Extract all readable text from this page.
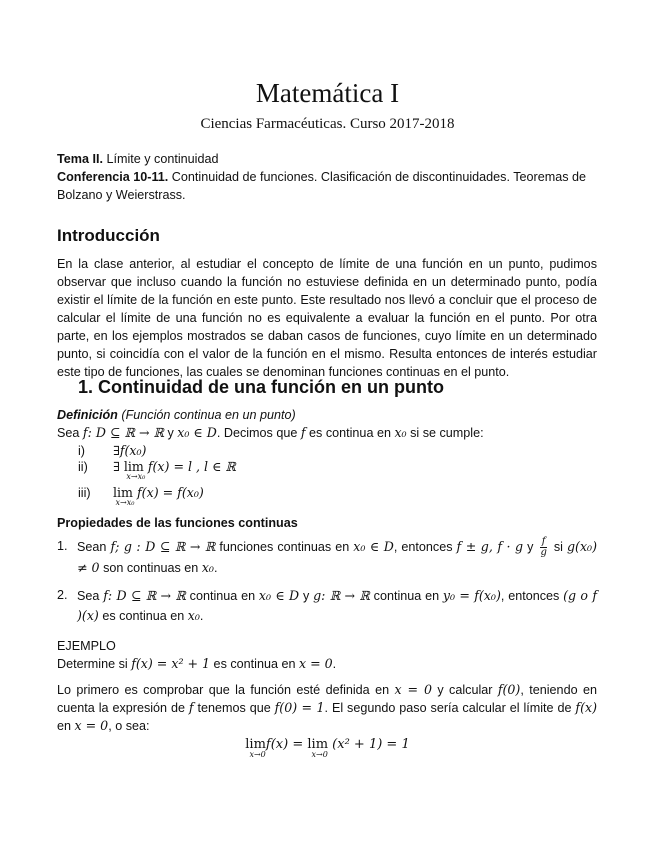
Matemática I
Ciencias Farmacéuticas. Curso 2017-2018
Tema II. Límite y continuidad
Conferencia 10-11. Continuidad de funciones. Clasificación de discontinuidades. Teoremas de Bolzano y Weierstrass.
Introducción
En la clase anterior, al estudiar el concepto de límite de una función en un punto, pudimos observar que incluso cuando la función no estuviese definida en un determinado punto, podía existir el límite de la función en este punto. Este resultado nos llevó a concluir que el proceso de calcular el límite de una función no es equivalente a evaluar la función en el punto. Por otra parte, en los ejemplos mostrados se daban casos de funciones, cuyo límite en un determinado punto, si coincidía con el valor de la función en el mismo. Resulta entonces de interés estudiar este tipo de funciones, las cuales se denominan funciones continuas en el punto.
1. Continuidad de una función en un punto
Definición (Función continua en un punto)
Sea f: D ⊆ ℝ → ℝ y x₀ ∈ D. Decimos que f es continua en x₀ si se cumple:
i) ∃f(x₀)
ii) ∃ lim
x→x₀
f(x) = l , l ∈ ℝ
iii) lim
x→x₀
f(x) = f(x₀)
Propiedades de las funciones continuas
1. Sean f; g : D ⊆ ℝ → ℝ funciones continuas en x₀ ∈ D, entonces f ± g, f · g y $\frac{f}{g}$ si g(x₀) ≠ 0 son continuas en x₀.
2. Sea f: D ⊆ ℝ → ℝ continua en x₀ ∈ D y g: ℝ → ℝ continua en y₀ = f(x₀), entonces (g o f )(x) es continua en x₀.
EJEMPLO
Determine si f(x) = x² + 1 es continua en x = 0.
Lo primero es comprobar que la función esté definida en x = 0 y calcular f(0), teniendo en cuenta la expresión de f tenemos que f(0) = 1. El segundo paso sería calcular el límite de f(x) en x = 0, o sea:
lim
x→0
f(x) = lim
x→0
(x² + 1) = 1
